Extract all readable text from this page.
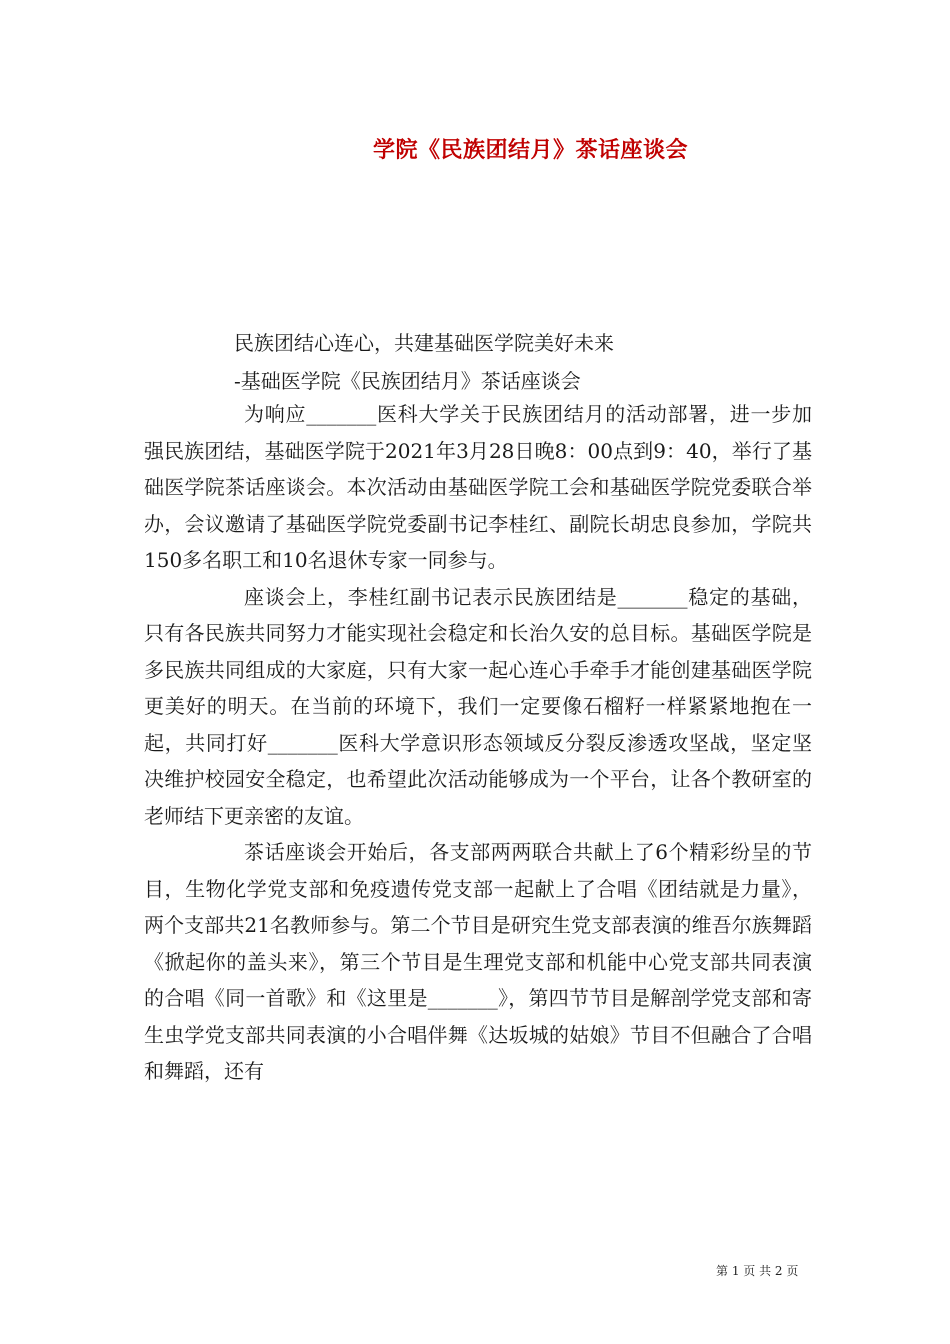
学院《民族团结月》茶话座谈会
民族团结心连心，共建基础医学院美好未来
-基础医学院《民族团结月》茶话座谈会

为响应_______医科大学关于民族团结月的活动部署，进一步加强民族团结，基础医学院于2021年3月28日晚8：00点到9：40，举行了基础医学院茶话座谈会。本次活动由基础医学院工会和基础医学院党委联合举办，会议邀请了基础医学院党委副书记李桂红、副院长胡忠良参加，学院共150多名职工和10名退休专家一同参与。

座谈会上，李桂红副书记表示民族团结是_______稳定的基础，只有各民族共同努力才能实现社会稳定和长治久安的总目标。基础医学院是多民族共同组成的大家庭，只有大家一起心连心手牵手才能创建基础医学院更美好的明天。在当前的环境下，我们一定要像石榴籽一样紧紧地抱在一起，共同打好_______医科大学意识形态领域反分裂反渗透攻坚战，坚定坚决维护校园安全稳定，也希望此次活动能够成为一个平台，让各个教研室的老师结下更亲密的友谊。

茶话座谈会开始后，各支部两两联合共献上了6个精彩纷呈的节目，生物化学党支部和免疫遗传党支部一起献上了合唱《团结就是力量》，两个支部共21名教师参与。第二个节目是研究生党支部表演的维吾尔族舞蹈《掀起你的盖头来》，第三个节目是生理党支部和机能中心党支部共同表演的合唱《同一首歌》和《这里是_______》，第四节节目是解剖学党支部和寄生虫学党支部共同表演的小合唱伴舞《达坂城的姑娘》节目不但融合了合唱和舞蹈，还有

第 1 页 共 2 页
